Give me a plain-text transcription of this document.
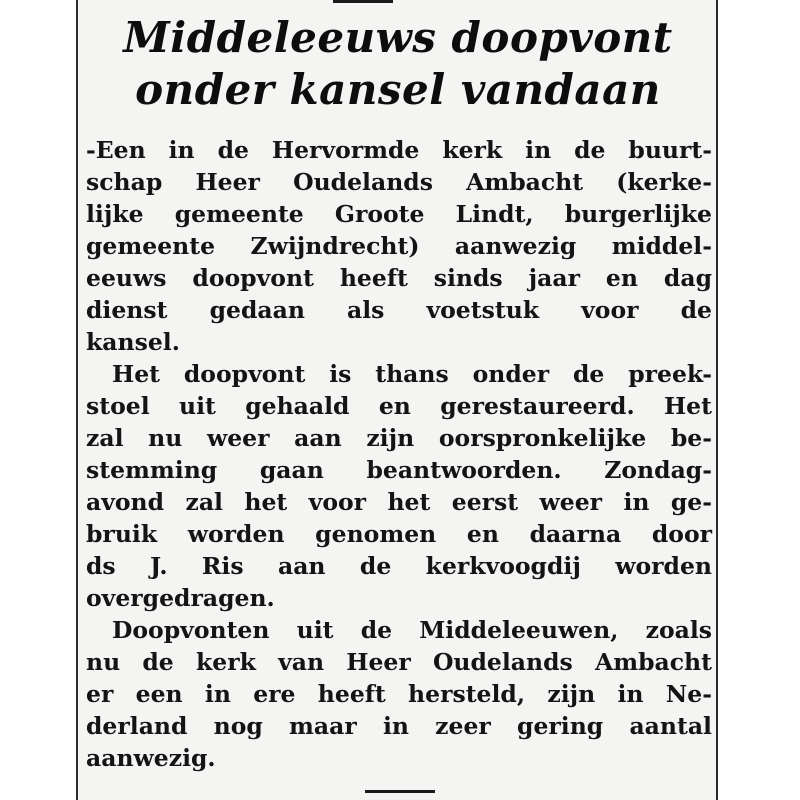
Middeleeuws doopvont
onder kansel vandaan
-Een in de Hervormde kerk in de buurt-
schap Heer Oudelands Ambacht (kerke-
lijke gemeente Groote Lindt, burgerlijke
gemeente Zwijndrecht) aanwezig middel-
eeuws doopvont heeft sinds jaar en dag
dienst gedaan als voetstuk voor de
kansel.
Het doopvont is thans onder de preek-
stoel uit gehaald en gerestaureerd. Het
zal nu weer aan zijn oorspronkelijke be-
stemming gaan beantwoorden. Zondag-
avond zal het voor het eerst weer in ge-
bruik worden genomen en daarna door
ds J. Ris aan de kerkvoogdij worden
overgedragen.
Doopvonten uit de Middeleeuwen, zoals
nu de kerk van Heer Oudelands Ambacht
er een in ere heeft hersteld, zijn in Ne-
derland nog maar in zeer gering aantal
aanwezig.
